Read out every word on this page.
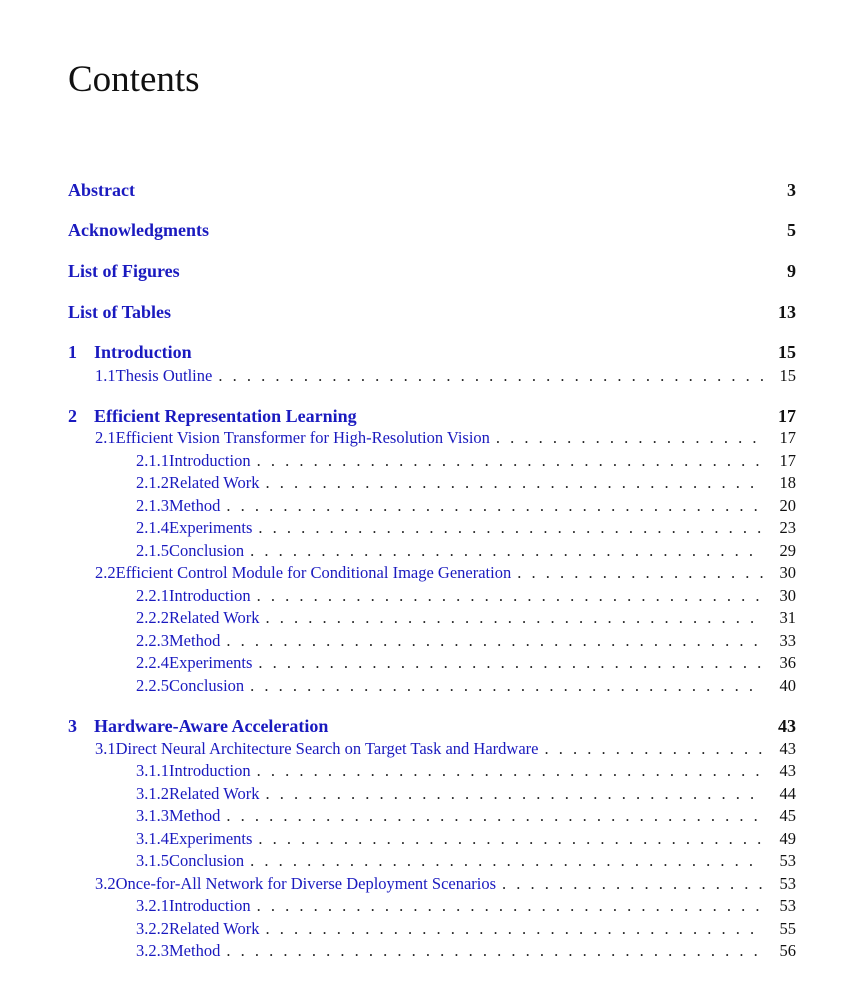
Contents
Abstract	3
Acknowledgments	5
List of Figures	9
List of Tables	13
1 Introduction	15
1.1 Thesis Outline . . .	15
2 Efficient Representation Learning	17
2.1 Efficient Vision Transformer for High-Resolution Vision . . .	17
2.1.1 Introduction . . .	17
2.1.2 Related Work . . .	18
2.1.3 Method . . .	20
2.1.4 Experiments . . .	23
2.1.5 Conclusion . . .	29
2.2 Efficient Control Module for Conditional Image Generation . . .	30
2.2.1 Introduction . . .	30
2.2.2 Related Work . . .	31
2.2.3 Method . . .	33
2.2.4 Experiments . . .	36
2.2.5 Conclusion . . .	40
3 Hardware-Aware Acceleration	43
3.1 Direct Neural Architecture Search on Target Task and Hardware . . .	43
3.1.1 Introduction . . .	43
3.1.2 Related Work . . .	44
3.1.3 Method . . .	45
3.1.4 Experiments . . .	49
3.1.5 Conclusion . . .	53
3.2 Once-for-All Network for Diverse Deployment Scenarios . . .	53
3.2.1 Introduction . . .	53
3.2.2 Related Work . . .	55
3.2.3 Method . . .	56
